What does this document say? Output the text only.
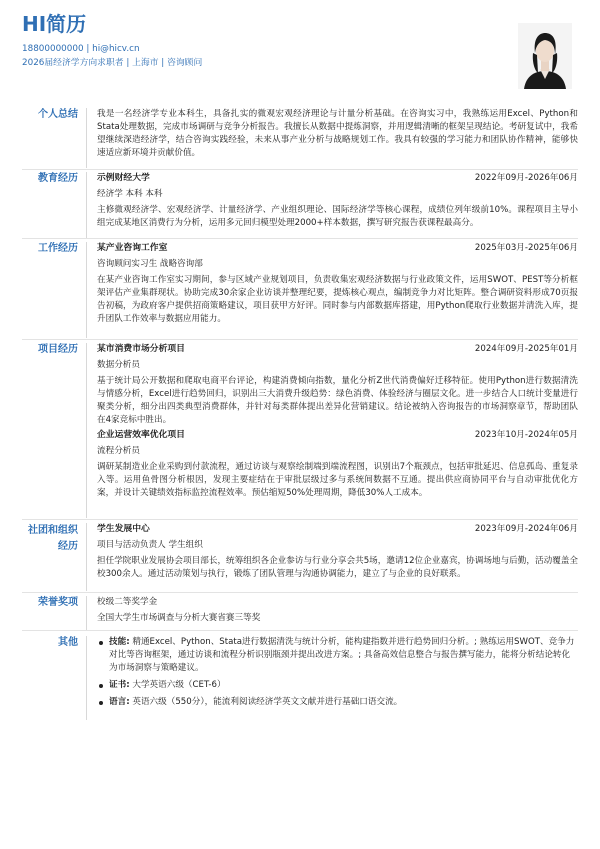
HI简历
18800000000 | hi@hicv.cn
2026届经济学方向求职者 | 上海市 | 咨询顾问
个人总结 我是一名经济学专业本科生，具备扎实的微观宏观经济理论与计量分析基础。在咨询实习中，我熟练运用Excel、Python和Stata处理数据，完成市场调研与竞争分析报告。我擅长从数据中提炼洞察，并用逻辑清晰的框架呈现结论。考研复试中，我希望继续深造经济学，结合咨询实践经验，未来从事产业分析与战略规划工作。我具有较强的学习能力和团队协作精神，能够快速适应新环境并贡献价值。
教育经历 示例财经大学	2022年09月-2026年06月
经济学 本科 本科
主修微观经济学、宏观经济学、计量经济学、产业组织理论、国际经济学等核心课程，成绩位列年级前10%。课程项目主导小组完成某地区消费行为分析，运用多元回归模型处理2000+样本数据，撰写研究报告获课程最高分。
工作经历 某产业咨询工作室	2025年03月-2025年06月
咨询顾问实习生 战略咨询部
在某产业咨询工作室实习期间，参与区域产业规划项目，负责收集宏观经济数据与行业政策文件，运用SWOT、PEST等分析框架评估产业集群现状。协助完成30余家企业访谈并整理纪要，提炼核心观点，编制竞争力对比矩阵。整合调研资料形成70页报告初稿，为政府客户提供招商策略建议，项目获甲方好评。同时参与内部数据库搭建，用Python爬取行业数据并清洗入库，提升团队工作效率与数据应用能力。
项目经历 某市消费市场分析项目	2024年09月-2025年01月
数据分析员
基于统计局公开数据和爬取电商平台评论，构建消费倾向指数，量化分析Z世代消费偏好迁移特征。使用Python进行数据清洗与情感分析，Excel进行趋势回归，识别出三大消费升级趋势：绿色消费、体验经济与圈层文化。进一步结合人口统计变量进行聚类分析，细分出四类典型消费群体，并针对每类群体提出差异化营销建议。结论被纳入咨询报告的市场洞察章节，帮助团队在4家竞标中胜出。
企业运营效率优化项目	2023年10月-2024年05月
流程分析员
调研某制造业企业采购到付款流程，通过访谈与观察绘制端到端流程图，识别出7个瓶颈点，包括审批延迟、信息孤岛、重复录入等。运用鱼骨图分析根因，发现主要症结在于审批层级过多与系统间数据不互通。提出供应商协同平台与自动审批优化方案，并设计关键绩效指标监控流程效率。预估缩短50%处理周期，降低30%人工成本。
社团和组织
经历
学生发展中心	2023年09月-2024年06月
项目与活动负责人 学生组织
担任学院职业发展协会项目部长，统筹组织各企业参访与行业分享会共5场，邀请12位企业嘉宾，协调场地与后勤，活动覆盖全校300余人。通过活动策划与执行，锻炼了团队管理与沟通协调能力，建立了与企业的良好联系。
荣誉奖项 校级二等奖学金
全国大学生市场调查与分析大赛省赛三等奖
其他	技能: 精通Excel、Python、Stata进行数据清洗与统计分析，能构建指数并进行趋势回归分析。; 熟练运用SWOT、竞争力对比等咨询框架，通过访谈和流程分析识别瓶颈并提出改进方案。; 具备高效信息整合与报告撰写能力，能将分析结论转化为市场洞察与策略建议。
证书: 大学英语六级（CET-6）
语言: 英语六级（550分），能流利阅读经济学英文文献并进行基础口语交流。
